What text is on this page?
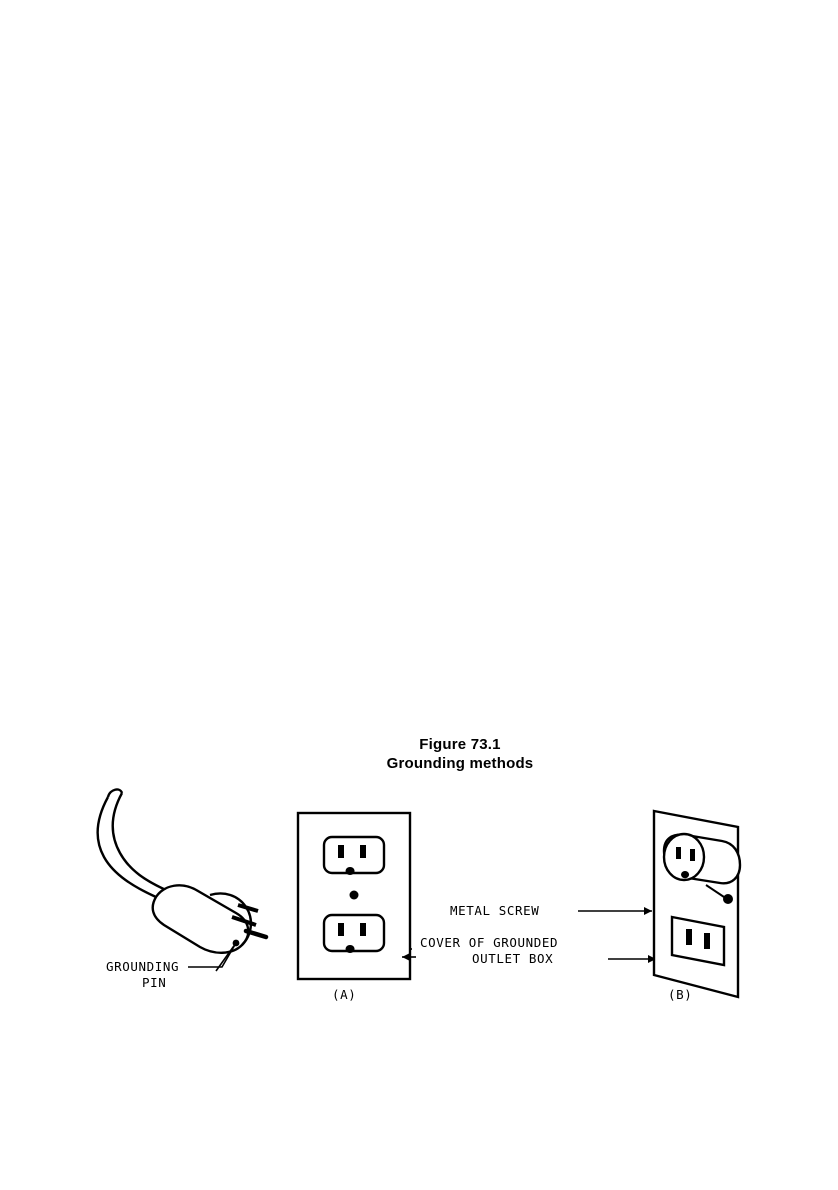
Figure 73.1
Grounding methods
GROUNDING
PIN
(A)
METAL SCREW
COVER OF GROUNDED
OUTLET BOX
(B)
